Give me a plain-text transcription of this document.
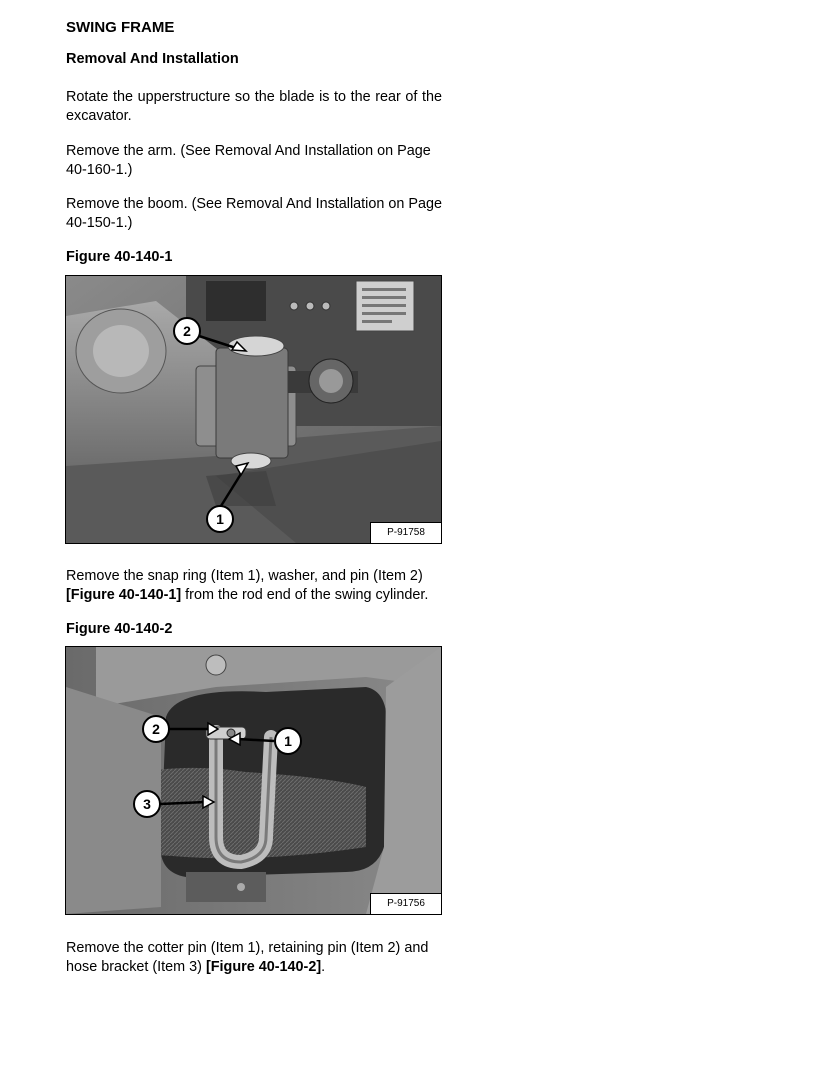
SWING FRAME
Removal And Installation

Rotate the upperstructure so the blade is to the rear of the excavator.

Remove the arm. (See Removal And Installation on Page 40-160-1.)

Remove the boom. (See Removal And Installation on Page 40-150-1.)

Figure 40-140-1
2
1
P-91758

Remove the snap ring (Item 1), washer, and pin (Item 2) [Figure 40-140-1] from the rod end of the swing cylinder.

Figure 40-140-2
2
1
3
P-91756

Remove the cotter pin (Item 1), retaining pin (Item 2) and hose bracket (Item 3) [Figure 40-140-2].
